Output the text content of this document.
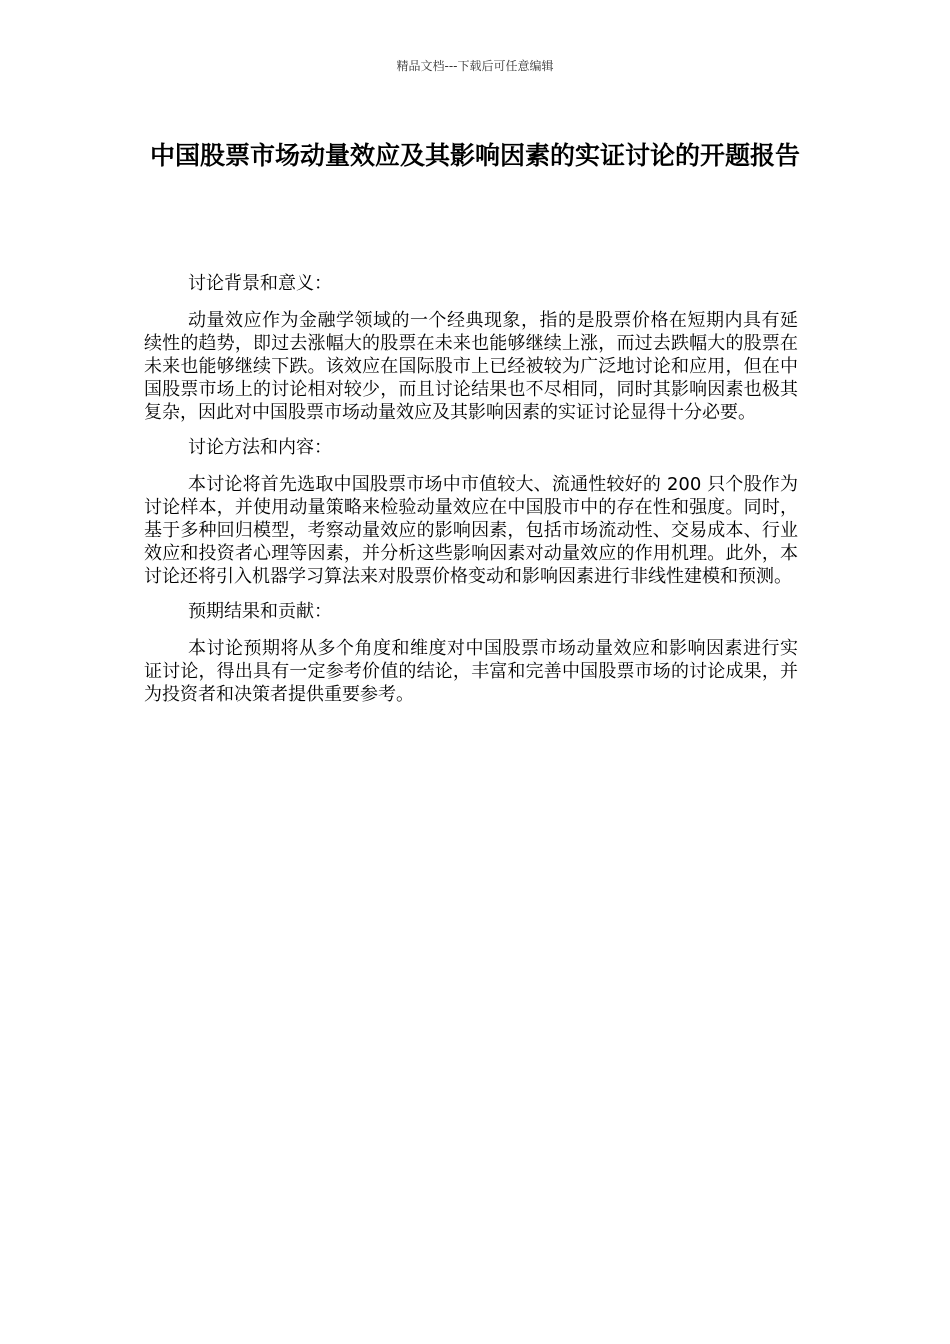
精品文档---下载后可任意编辑
中国股票市场动量效应及其影响因素的实证讨论的开题报告

讨论背景和意义：

动量效应作为金融学领域的一个经典现象，指的是股票价格在短期内具有延续性的趋势，即过去涨幅大的股票在未来也能够继续上涨，而过去跌幅大的股票在未来也能够继续下跌。该效应在国际股市上已经被较为广泛地讨论和应用，但在中国股票市场上的讨论相对较少，而且讨论结果也不尽相同，同时其影响因素也极其复杂，因此对中国股票市场动量效应及其影响因素的实证讨论显得十分必要。

讨论方法和内容：

本讨论将首先选取中国股票市场中市值较大、流通性较好的 200 只个股作为讨论样本，并使用动量策略来检验动量效应在中国股市中的存在性和强度。同时，基于多种回归模型，考察动量效应的影响因素，包括市场流动性、交易成本、行业效应和投资者心理等因素，并分析这些影响因素对动量效应的作用机理。此外，本讨论还将引入机器学习算法来对股票价格变动和影响因素进行非线性建模和预测。

预期结果和贡献：

本讨论预期将从多个角度和维度对中国股票市场动量效应和影响因素进行实证讨论，得出具有一定参考价值的结论，丰富和完善中国股票市场的讨论成果，并为投资者和决策者提供重要参考。
